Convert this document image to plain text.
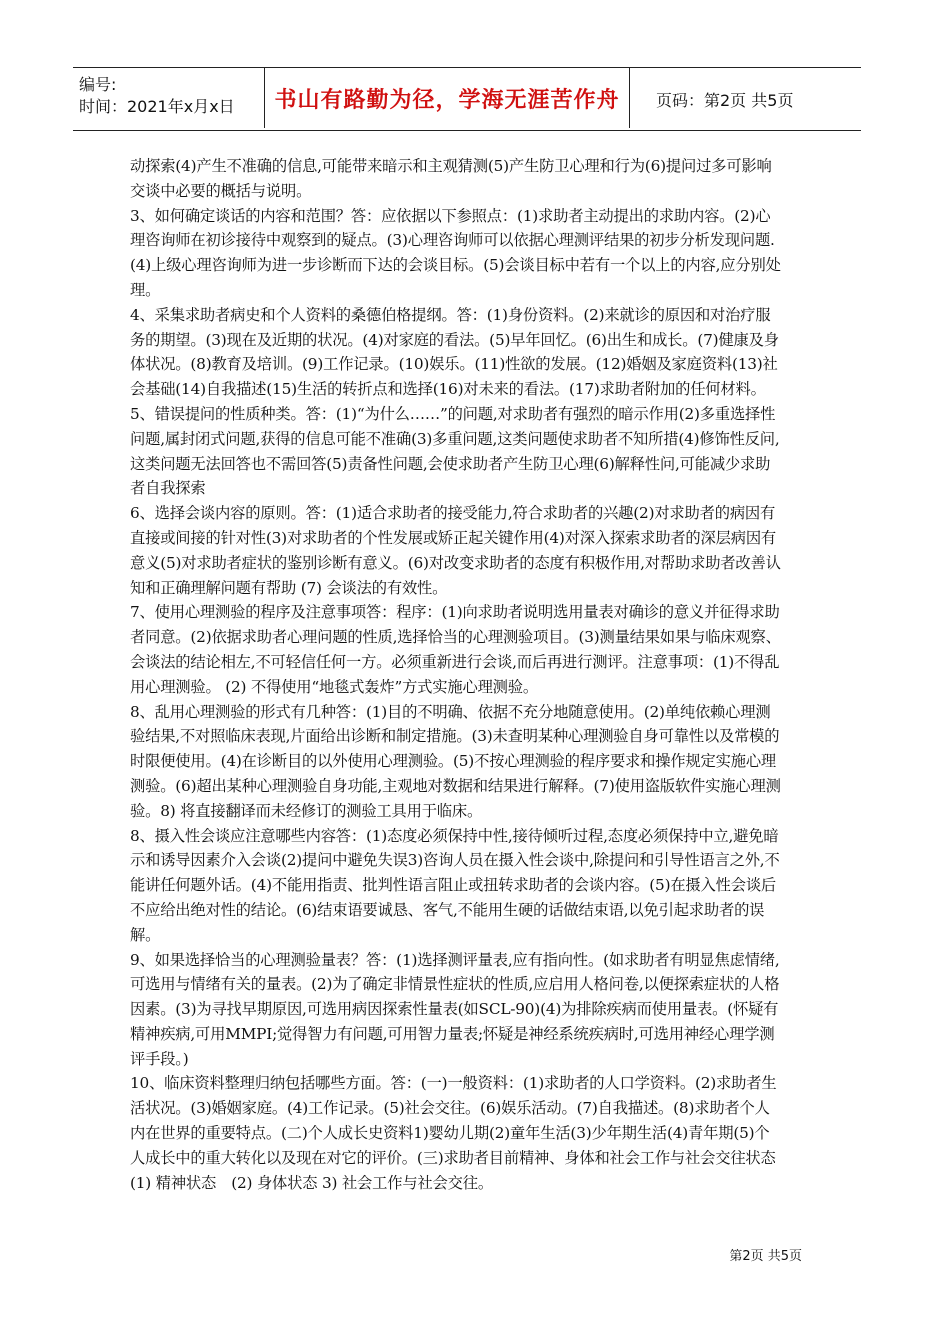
编号:
时间：2021年x月x日 书山有路勤为径，学海无涯苦作舟 页码：第2页 共5页

动探索(4)产生不准确的信息,可能带来暗示和主观猜测(5)产生防卫心理和行为(6)提问过多可影响交谈中必要的概括与说明。

3、如何确定谈话的内容和范围？答：应依据以下参照点：(1)求助者主动提出的求助内容。(2)心理咨询师在初诊接待中观察到的疑点。(3)心理咨询师可以依据心理测评结果的初步分析发现问题.(4)上级心理咨询师为进一步诊断而下达的会谈目标。(5)会谈目标中若有一个以上的内容,应分别处理。

4、采集求助者病史和个人资料的桑德伯格提纲。答：(1)身份资料。(2)来就诊的原因和对治疗服务的期望。(3)现在及近期的状况。(4)对家庭的看法。(5)早年回忆。(6)出生和成长。(7)健康及身体状况。(8)教育及培训。(9)工作记录。(10)娱乐。(11)性欲的发展。(12)婚姻及家庭资料(13)社会基础(14)自我描述(15)生活的转折点和选择(16)对未来的看法。(17)求助者附加的任何材料。

5、错误提问的性质种类。答：(1)“为什么……”的问题,对求助者有强烈的暗示作用(2)多重选择性问题,属封闭式问题,获得的信息可能不准确(3)多重问题,这类问题使求助者不知所措(4)修饰性反问,这类问题无法回答也不需回答(5)责备性问题,会使求助者产生防卫心理(6)解释性问,可能减少求助者自我探索

6、选择会谈内容的原则。答：(1)适合求助者的接受能力,符合求助者的兴趣(2)对求助者的病因有直接或间接的针对性(3)对求助者的个性发展或矫正起关键作用(4)对深入探索求助者的深层病因有意义(5)对求助者症状的鉴别诊断有意义。(6)对改变求助者的态度有积极作用,对帮助求助者改善认知和正确理解问题有帮助 (7) 会谈法的有效性。

7、使用心理测验的程序及注意事项答：程序：(1)向求助者说明选用量表对确诊的意义并征得求助者同意。(2)依据求助者心理问题的性质,选择恰当的心理测验项目。(3)测量结果如果与临床观察、会谈法的结论相左,不可轻信任何一方。必须重新进行会谈,而后再进行测评。注意事项：(1)不得乱用心理测验。 (2) 不得使用“地毯式轰炸”方式实施心理测验。

8、乱用心理测验的形式有几种答：(1)目的不明确、依据不充分地随意使用。(2)单纯依赖心理测验结果,不对照临床表现,片面给出诊断和制定措施。(3)未查明某种心理测验自身可靠性以及常模的时限便使用。(4)在诊断目的以外使用心理测验。(5)不按心理测验的程序要求和操作规定实施心理测验。(6)超出某种心理测验自身功能,主观地对数据和结果进行解释。(7)使用盗版软件实施心理测验。8) 将直接翻译而未经修订的测验工具用于临床。

8、摄入性会谈应注意哪些内容答：(1)态度必须保持中性,接待倾听过程,态度必须保持中立,避免暗示和诱导因素介入会谈(2)提问中避免失误3)咨询人员在摄入性会谈中,除提问和引导性语言之外,不能讲任何题外话。(4)不能用指责、批判性语言阻止或扭转求助者的会谈内容。(5)在摄入性会谈后不应给出绝对性的结论。(6)结束语要诚恳、客气,不能用生硬的话做结束语,以免引起求助者的误解。

9、如果选择恰当的心理测验量表？答：(1)选择测评量表,应有指向性。(如求助者有明显焦虑情绪,可选用与情绪有关的量表。(2)为了确定非情景性症状的性质,应启用人格问卷,以便探索症状的人格因素。(3)为寻找早期原因,可选用病因探索性量表(如SCL-90)(4)为排除疾病而使用量表。(怀疑有精神疾病,可用MMPI;觉得智力有问题,可用智力量表;怀疑是神经系统疾病时,可选用神经心理学测评手段。)

10、临床资料整理归纳包括哪些方面。答：(一)一般资料：(1)求助者的人口学资料。(2)求助者生活状况。(3)婚姻家庭。(4)工作记录。(5)社会交往。(6)娱乐活动。(7)自我描述。(8)求助者个人内在世界的重要特点。(二)个人成长史资料1)婴幼儿期(2)童年生活(3)少年期生活(4)青年期(5)个人成长中的重大转化以及现在对它的评价。(三)求助者目前精神、身体和社会工作与社会交往状态 (1) 精神状态　(2) 身体状态 3) 社会工作与社会交往。

第2页 共5页
